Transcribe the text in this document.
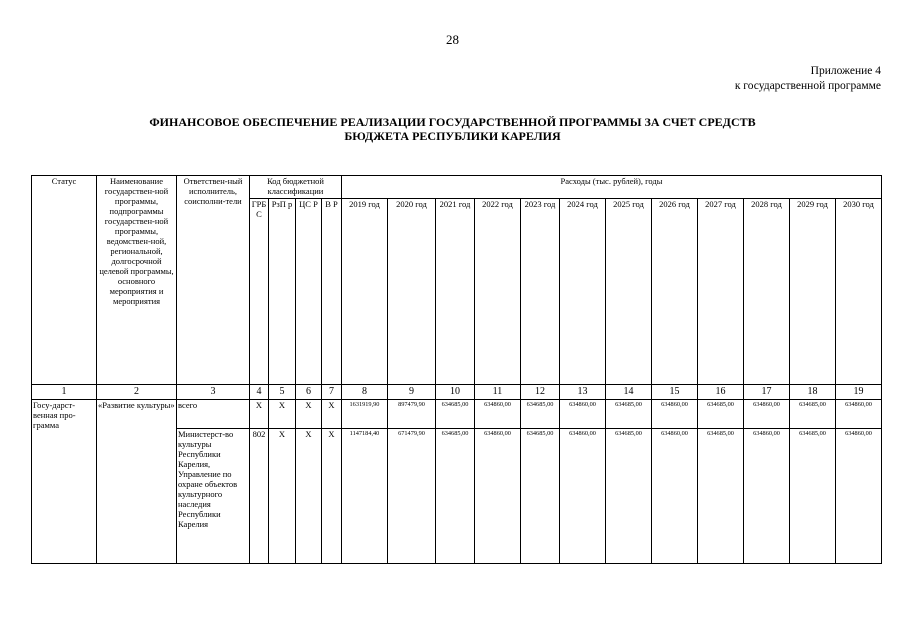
28
Приложение 4
к государственной программе
ФИНАНСОВОЕ ОБЕСПЕЧЕНИЕ РЕАЛИЗАЦИИ ГОСУДАРСТВЕННОЙ ПРОГРАММЫ ЗА СЧЕТ СРЕДСТВ
БЮДЖЕТА РЕСПУБЛИКИ КАРЕЛИЯ
Статус	Наименование государствен-ной программы, подпрограммы государствен-ной программы, ведомствен-ной, региональной, долгосрочной целевой программы, основного мероприятия и мероприятия	Ответствен-ный исполнитель, соисполни-тели	Код бюджетной классификации				Расходы (тыс. рублей), годы											
			ГРБ С	РзП р	ЦС Р	В Р	2019 год	2020 год	2021 год	2022 год	2023 год	2024 год	2025 год	2026 год	2027 год	2028 год	2029 год	2030 год
1	2	3	4	5	6	7	8	9	10	11	12	13	14	15	16	17	18	19
Госу-дарст-венная про-грамма	«Развитие культуры»	всего	Х	Х	Х	Х	1631919,90	897479,90	634685,00	634860,00	634685,00	634860,00	634685,00	634860,00	634685,00	634860,00	634685,00	634860,00
		Министерст-во культуры Республики Карелия, Управление по охране объектов культурного наследия Республики Карелия	802	Х	Х	Х	1147184,40	671479,90	634685,00	634860,00	634685,00	634860,00	634685,00	634860,00	634685,00	634860,00	634685,00	634860,00
